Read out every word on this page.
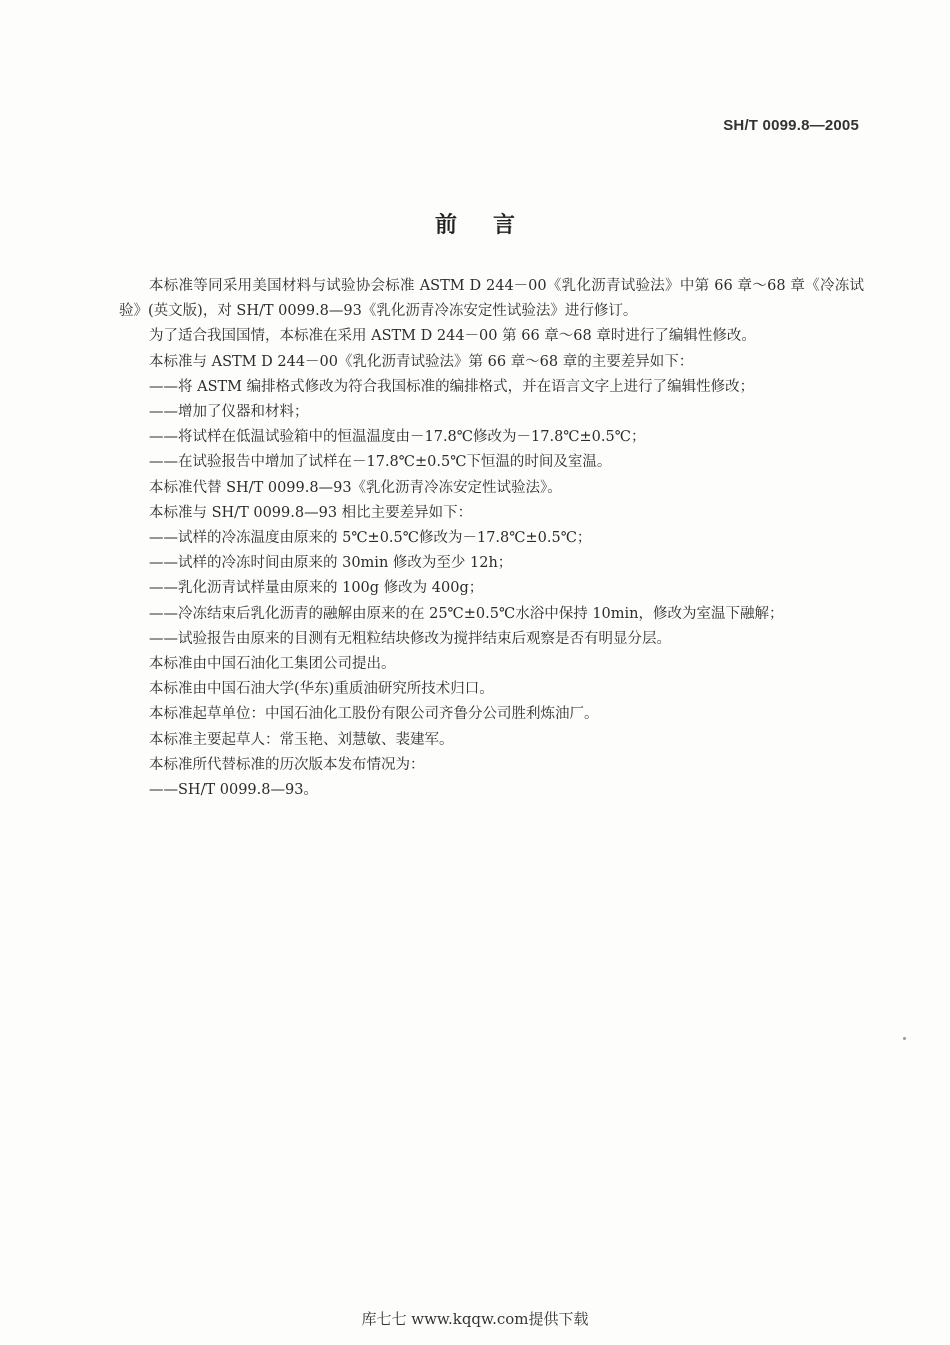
SH/T 0099.8—2005
前言

本标准等同采用美国材料与试验协会标准 ASTM D 244－00《乳化沥青试验法》中第 66 章～68 章《冷冻试验》(英文版)，对 SH/T 0099.8—93《乳化沥青冷冻安定性试验法》进行修订。

为了适合我国国情，本标准在采用 ASTM D 244－00 第 66 章～68 章时进行了编辑性修改。

本标准与 ASTM D 244－00《乳化沥青试验法》第 66 章～68 章的主要差异如下：

——将 ASTM 编排格式修改为符合我国标准的编排格式，并在语言文字上进行了编辑性修改；

——增加了仪器和材料；

——将试样在低温试验箱中的恒温温度由－17.8℃修改为－17.8℃±0.5℃；

——在试验报告中增加了试样在－17.8℃±0.5℃下恒温的时间及室温。

本标准代替 SH/T 0099.8—93《乳化沥青冷冻安定性试验法》。

本标准与 SH/T 0099.8—93 相比主要差异如下：

——试样的冷冻温度由原来的 5℃±0.5℃修改为－17.8℃±0.5℃；

——试样的冷冻时间由原来的 30min 修改为至少 12h；

——乳化沥青试样量由原来的 100g 修改为 400g；

——冷冻结束后乳化沥青的融解由原来的在 25℃±0.5℃水浴中保持 10min，修改为室温下融解；

——试验报告由原来的目测有无粗粒结块修改为搅拌结束后观察是否有明显分层。

本标准由中国石油化工集团公司提出。

本标准由中国石油大学(华东)重质油研究所技术归口。

本标准起草单位：中国石油化工股份有限公司齐鲁分公司胜利炼油厂。

本标准主要起草人：常玉艳、刘慧敏、裴建军。

本标准所代替标准的历次版本发布情况为：

——SH/T 0099.8—93。

库七七 www.kqqw.com提供下载
